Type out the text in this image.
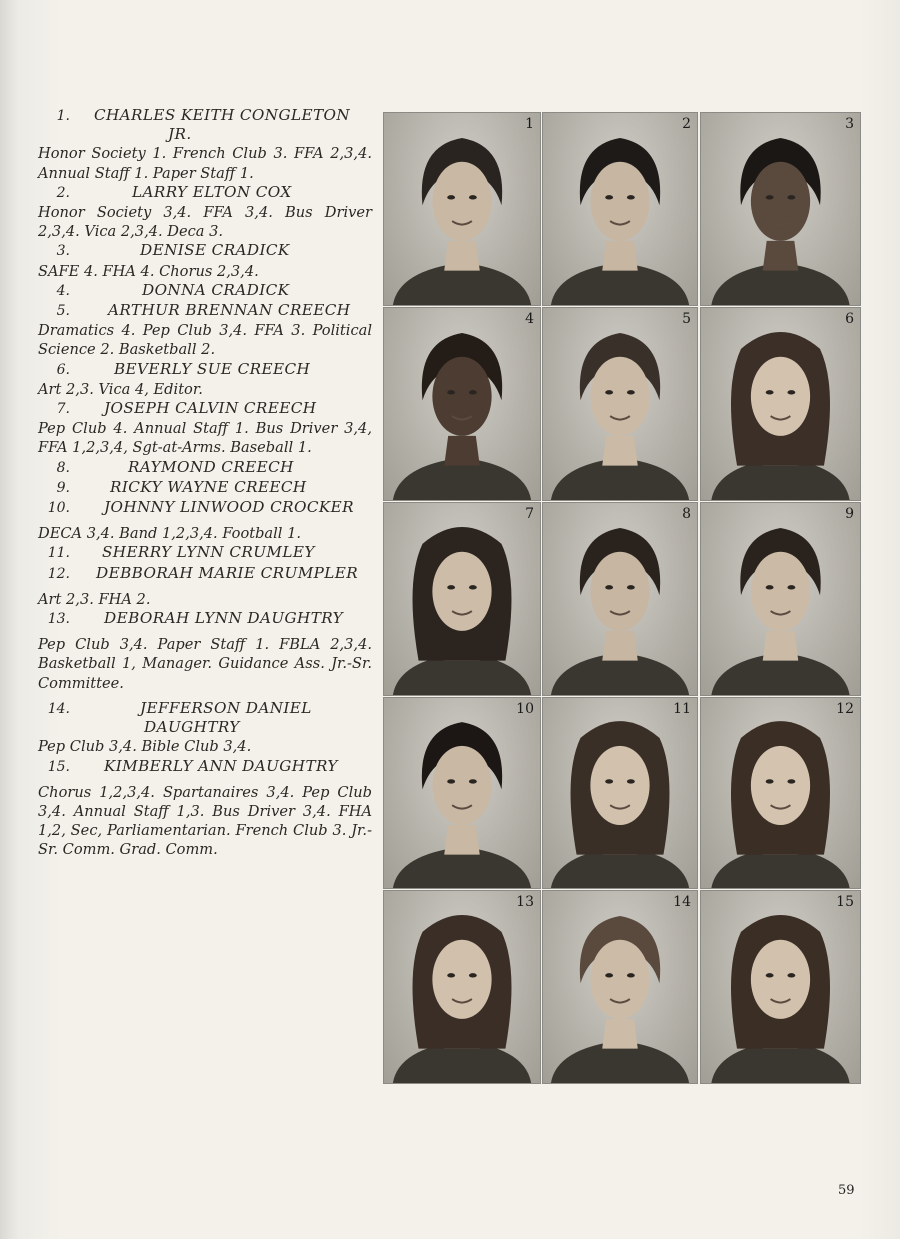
1.	CHARLES KEITH CONGLETON
JR.

Honor Society 1. French Club 3. FFA 2,3,4. Annual Staff 1. Paper Staff 1.

2.	LARRY ELTON COX

Honor Society 3,4. FFA 3,4. Bus Driver 2,3,4. Vica 2,3,4. Deca 3.

3.	DENISE CRADICK

SAFE 4. FHA 4. Chorus 2,3,4.

4.	DONNA CRADICK
5.	ARTHUR BRENNAN CREECH

Dramatics 4. Pep Club 3,4. FFA 3. Political Science 2. Basketball 2.

6.	BEVERLY SUE CREECH

Art 2,3. Vica 4, Editor.

7.	JOSEPH CALVIN CREECH

Pep Club 4. Annual Staff 1. Bus Driver 3,4, FFA 1,2,3,4, Sgt-at-Arms. Baseball 1.

8.	RAYMOND CREECH
9.	RICKY WAYNE CREECH
10.	JOHNNY LINWOOD CROCKER

DECA 3,4. Band 1,2,3,4. Football 1.

11.	SHERRY LYNN CRUMLEY
12.	DEBBORAH MARIE CRUMPLER

Art 2,3. FHA 2.

13.	DEBORAH LYNN DAUGHTRY

Pep Club 3,4. Paper Staff 1. FBLA 2,3,4. Basketball 1, Manager. Guidance Ass. Jr.-Sr. Committee.

14.	JEFFERSON DANIEL
DAUGHTRY

Pep Club 3,4. Bible Club 3,4.

15.	KIMBERLY ANN DAUGHTRY

Chorus 1,2,3,4. Spartanaires 3,4. Pep Club 3,4. Annual Staff 1,3. Bus Driver 3,4. FHA 1,2, Sec, Parliamentarian. French Club 3. Jr.-Sr. Comm. Grad. Comm.

1	2	3
4	5	6
7	8	9
10	11	12
13	14	15
59
